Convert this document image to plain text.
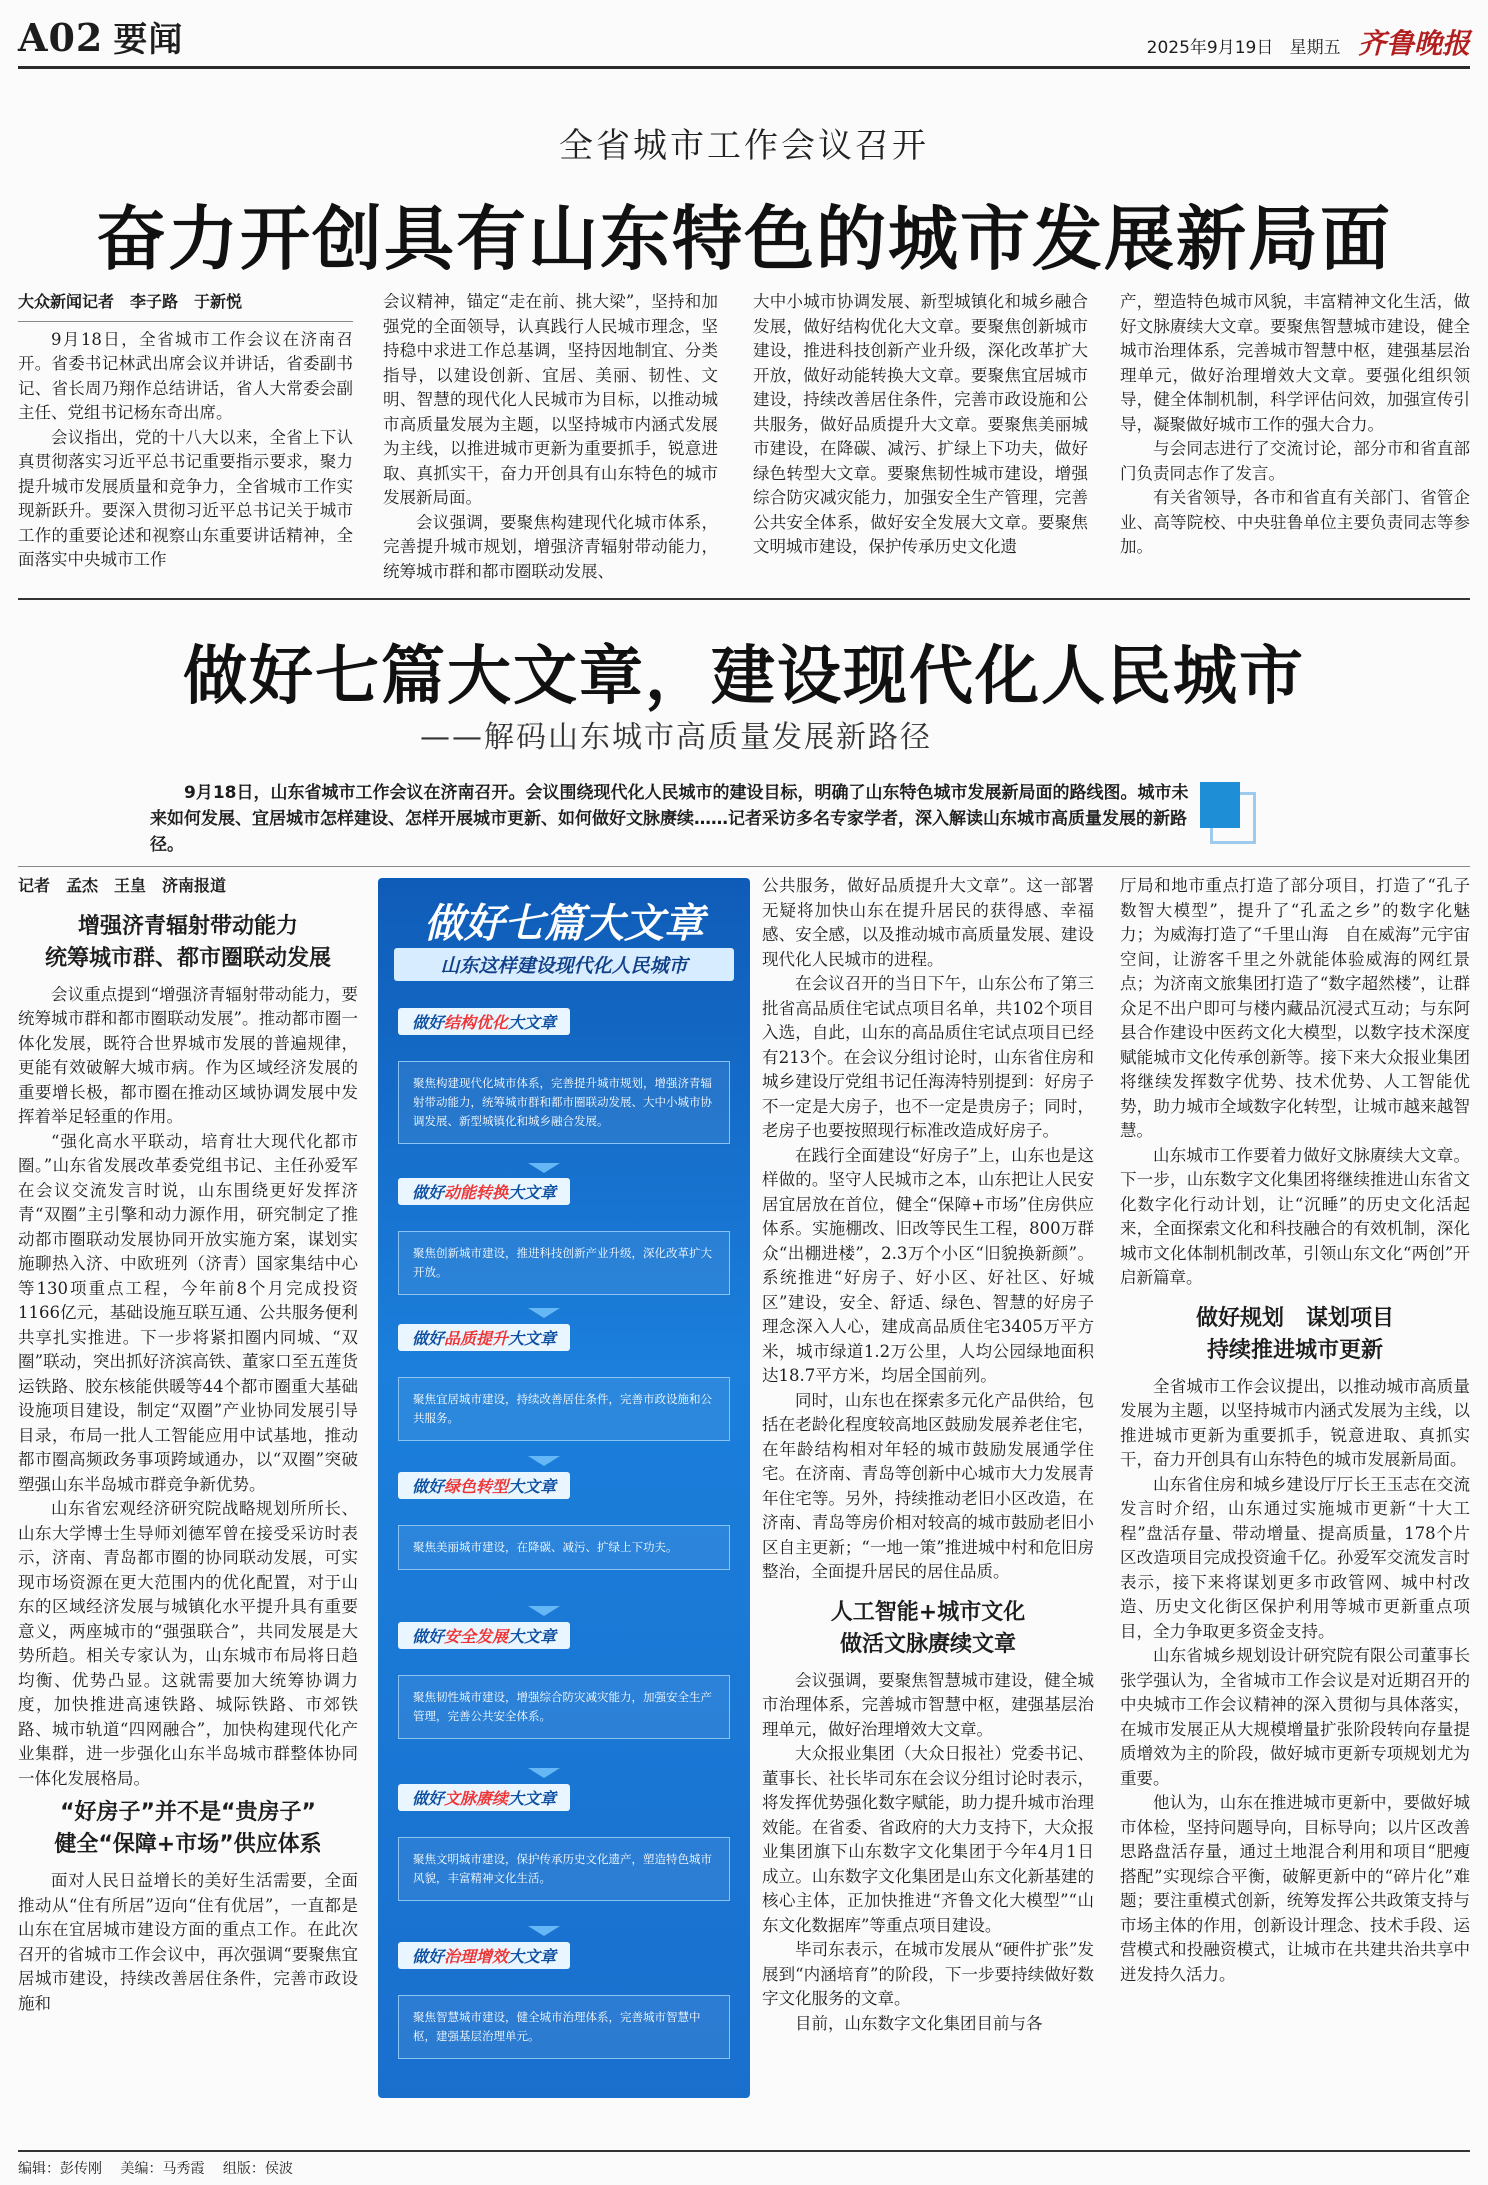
A02 要闻	2025年9月19日 星期五 齐鲁晚报
全省城市工作会议召开
奋力开创具有山东特色的城市发展新局面
大众新闻记者　李子路　于新悦

9月18日，全省城市工作会议在济南召开。省委书记林武出席会议并讲话，省委副书记、省长周乃翔作总结讲话，省人大常委会副主任、党组书记杨东奇出席。

会议指出，党的十八大以来，全省上下认真贯彻落实习近平总书记重要指示要求，聚力提升城市发展质量和竞争力，全省城市工作实现新跃升。要深入贯彻习近平总书记关于城市工作的重要论述和视察山东重要讲话精神，全面落实中央城市工作

会议精神，锚定“走在前、挑大梁”，坚持和加强党的全面领导，认真践行人民城市理念，坚持稳中求进工作总基调，坚持因地制宜、分类指导，以建设创新、宜居、美丽、韧性、文明、智慧的现代化人民城市为目标，以推动城市高质量发展为主题，以坚持城市内涵式发展为主线，以推进城市更新为重要抓手，锐意进取、真抓实干，奋力开创具有山东特色的城市发展新局面。

会议强调，要聚焦构建现代化城市体系，完善提升城市规划，增强济青辐射带动能力，统筹城市群和都市圈联动发展、

大中小城市协调发展、新型城镇化和城乡融合发展，做好结构优化大文章。要聚焦创新城市建设，推进科技创新产业升级，深化改革扩大开放，做好动能转换大文章。要聚焦宜居城市建设，持续改善居住条件，完善市政设施和公共服务，做好品质提升大文章。要聚焦美丽城市建设，在降碳、减污、扩绿上下功夫，做好绿色转型大文章。要聚焦韧性城市建设，增强综合防灾减灾能力，加强安全生产管理，完善公共安全体系，做好安全发展大文章。要聚焦文明城市建设，保护传承历史文化遗

产，塑造特色城市风貌，丰富精神文化生活，做好文脉赓续大文章。要聚焦智慧城市建设，健全城市治理体系，完善城市智慧中枢，建强基层治理单元，做好治理增效大文章。要强化组织领导，健全体制机制，科学评估问效，加强宣传引导，凝聚做好城市工作的强大合力。

与会同志进行了交流讨论，部分市和省直部门负责同志作了发言。

有关省领导，各市和省直有关部门、省管企业、高等院校、中央驻鲁单位主要负责同志等参加。

做好七篇大文章，建设现代化人民城市
——解码山东城市高质量发展新路径
9月18日，山东省城市工作会议在济南召开。会议围绕现代化人民城市的建设目标，明确了山东特色城市发展新局面的路线图。城市未来如何发展、宜居城市怎样建设、怎样开展城市更新、如何做好文脉赓续……记者采访多名专家学者，深入解读山东城市高质量发展的新路径。
记者　孟杰　王皇　济南报道
增强济青辐射带动能力
统筹城市群、都市圈联动发展

会议重点提到“增强济青辐射带动能力，要统筹城市群和都市圈联动发展”。推动都市圈一体化发展，既符合世界城市发展的普遍规律，更能有效破解大城市病。作为区域经济发展的重要增长极，都市圈在推动区域协调发展中发挥着举足轻重的作用。

“强化高水平联动，培育壮大现代化都市圈。”山东省发展改革委党组书记、主任孙爱军在会议交流发言时说，山东围绕更好发挥济青“双圈”主引擎和动力源作用，研究制定了推动都市圈联动发展协同开放实施方案，谋划实施聊热入济、中欧班列（济青）国家集结中心等130项重点工程，今年前8个月完成投资1166亿元，基础设施互联互通、公共服务便利共享扎实推进。下一步将紧扣圈内同城、“双圈”联动，突出抓好济滨高铁、董家口至五莲货运铁路、胶东核能供暖等44个都市圈重大基础设施项目建设，制定“双圈”产业协同发展引导目录，布局一批人工智能应用中试基地，推动都市圈高频政务事项跨域通办，以“双圈”突破塑强山东半岛城市群竞争新优势。

山东省宏观经济研究院战略规划所所长、山东大学博士生导师刘德军曾在接受采访时表示，济南、青岛都市圈的协同联动发展，可实现市场资源在更大范围内的优化配置，对于山东的区域经济发展与城镇化水平提升具有重要意义，两座城市的“强强联合”，共同发展是大势所趋。相关专家认为，山东城市布局将日趋均衡、优势凸显。这就需要加大统筹协调力度，加快推进高速铁路、城际铁路、市郊铁路、城市轨道“四网融合”，加快构建现代化产业集群，进一步强化山东半岛城市群整体协同一体化发展格局。

“好房子”并不是“贵房子”
健全“保障+市场”供应体系

面对人民日益增长的美好生活需要，全面推动从“住有所居”迈向“住有优居”，一直都是山东在宜居城市建设方面的重点工作。在此次召开的省城市工作会议中，再次强调“要聚焦宜居城市建设，持续改善居住条件，完善市政设施和

做好七篇大文章
山东这样建设现代化人民城市
做好结构优化大文章
聚焦构建现代化城市体系，完善提升城市规划，增强济青辐射带动能力，统筹城市群和都市圈联动发展、大中小城市协调发展、新型城镇化和城乡融合发展。
做好动能转换大文章
聚焦创新城市建设，推进科技创新产业升级，深化改革扩大开放。
做好品质提升大文章
聚焦宜居城市建设，持续改善居住条件，完善市政设施和公共服务。
做好绿色转型大文章
聚焦美丽城市建设，在降碳、减污、扩绿上下功夫。
做好安全发展大文章
聚焦韧性城市建设，增强综合防灾减灾能力，加强安全生产管理，完善公共安全体系。
做好文脉赓续大文章
聚焦文明城市建设，保护传承历史文化遗产，塑造特色城市风貌，丰富精神文化生活。
做好治理增效大文章
聚焦智慧城市建设，健全城市治理体系，完善城市智慧中枢，建强基层治理单元。

公共服务，做好品质提升大文章”。这一部署无疑将加快山东在提升居民的获得感、幸福感、安全感，以及推动城市高质量发展、建设现代化人民城市的进程。

在会议召开的当日下午，山东公布了第三批省高品质住宅试点项目名单，共102个项目入选，自此，山东的高品质住宅试点项目已经有213个。在会议分组讨论时，山东省住房和城乡建设厅党组书记任海涛特别提到：好房子不一定是大房子，也不一定是贵房子；同时，老房子也要按照现行标准改造成好房子。

在践行全面建设“好房子”上，山东也是这样做的。坚守人民城市之本，山东把让人民安居宜居放在首位，健全“保障+市场”住房供应体系。实施棚改、旧改等民生工程，800万群众“出棚进楼”，2.3万个小区“旧貌换新颜”。系统推进“好房子、好小区、好社区、好城区”建设，安全、舒适、绿色、智慧的好房子理念深入人心，建成高品质住宅3405万平方米，城市绿道1.2万公里，人均公园绿地面积达18.7平方米，均居全国前列。

同时，山东也在探索多元化产品供给，包括在老龄化程度较高地区鼓励发展养老住宅，在年龄结构相对年轻的城市鼓励发展通学住宅。在济南、青岛等创新中心城市大力发展青年住宅等。另外，持续推动老旧小区改造，在济南、青岛等房价相对较高的城市鼓励老旧小区自主更新；“一地一策”推进城中村和危旧房整治，全面提升居民的居住品质。

人工智能+城市文化
做活文脉赓续文章

会议强调，要聚焦智慧城市建设，健全城市治理体系，完善城市智慧中枢，建强基层治理单元，做好治理增效大文章。

大众报业集团（大众日报社）党委书记、董事长、社长毕司东在会议分组讨论时表示，将发挥优势强化数字赋能，助力提升城市治理效能。在省委、省政府的大力支持下，大众报业集团旗下山东数字文化集团于今年4月1日成立。山东数字文化集团是山东文化新基建的核心主体，正加快推进“齐鲁文化大模型”“山东文化数据库”等重点项目建设。

毕司东表示，在城市发展从“硬件扩张”发展到“内涵培育”的阶段，下一步要持续做好数字文化服务的文章。

目前，山东数字文化集团目前与各

厅局和地市重点打造了部分项目，打造了“孔子数智大模型”，提升了“孔孟之乡”的数字化魅力；为威海打造了“千里山海　自在威海”元宇宙空间，让游客千里之外就能体验威海的网红景点；为济南文旅集团打造了“数字超然楼”，让群众足不出户即可与楼内藏品沉浸式互动；与东阿县合作建设中医药文化大模型，以数字技术深度赋能城市文化传承创新等。接下来大众报业集团将继续发挥数字优势、技术优势、人工智能优势，助力城市全域数字化转型，让城市越来越智慧。

山东城市工作要着力做好文脉赓续大文章。下一步，山东数字文化集团将继续推进山东省文化数字化行动计划，让“沉睡”的历史文化活起来，全面探索文化和科技融合的有效机制，深化城市文化体制机制改革，引领山东文化“两创”开启新篇章。

做好规划　谋划项目
持续推进城市更新

全省城市工作会议提出，以推动城市高质量发展为主题，以坚持城市内涵式发展为主线，以推进城市更新为重要抓手，锐意进取、真抓实干，奋力开创具有山东特色的城市发展新局面。

山东省住房和城乡建设厅厅长王玉志在交流发言时介绍，山东通过实施城市更新“十大工程”盘活存量、带动增量、提高质量，178个片区改造项目完成投资逾千亿。孙爱军交流发言时表示，接下来将谋划更多市政管网、城中村改造、历史文化街区保护利用等城市更新重点项目，全力争取更多资金支持。

山东省城乡规划设计研究院有限公司董事长张学强认为，全省城市工作会议是对近期召开的中央城市工作会议精神的深入贯彻与具体落实，在城市发展正从大规模增量扩张阶段转向存量提质增效为主的阶段，做好城市更新专项规划尤为重要。

他认为，山东在推进城市更新中，要做好城市体检，坚持问题导向，目标导向；以片区改善思路盘活存量，通过土地混合利用和项目“肥瘦搭配”实现综合平衡，破解更新中的“碎片化”难题；要注重模式创新，统筹发挥公共政策支持与市场主体的作用，创新设计理念、技术手段、运营模式和投融资模式，让城市在共建共治共享中迸发持久活力。

编辑：彭传刚 美编：马秀霞 组版：侯波
